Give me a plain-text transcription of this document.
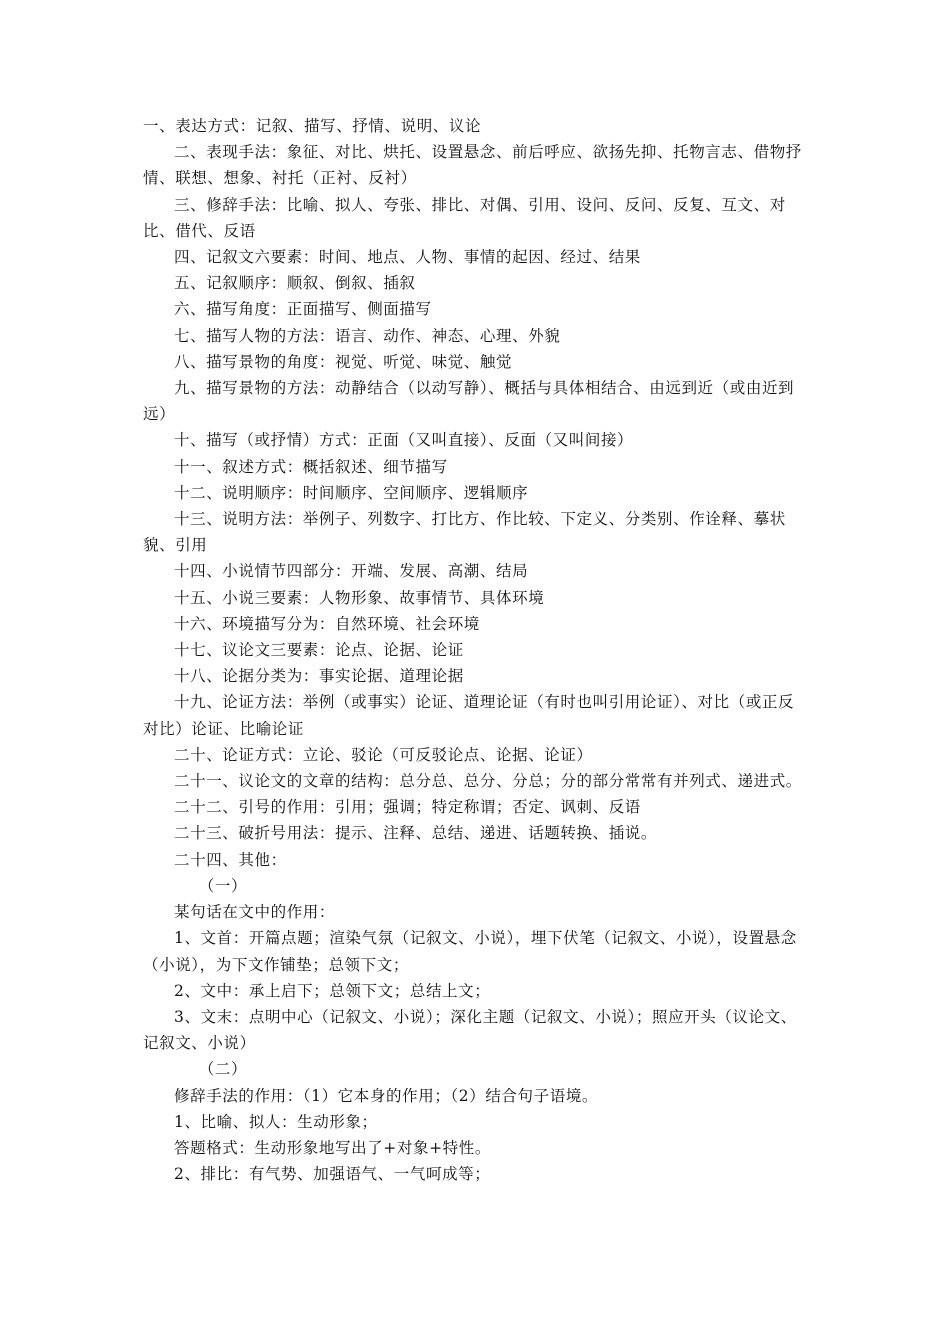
一、表达方式：记叙、描写、抒情、说明、议论

二、表现手法：象征、对比、烘托、设置悬念、前后呼应、欲扬先抑、托物言志、借物抒情、联想、想象、衬托（正衬、反衬）

三、修辞手法：比喻、拟人、夸张、排比、对偶、引用、设问、反问、反复、互文、对比、借代、反语

四、记叙文六要素：时间、地点、人物、事情的起因、经过、结果

五、记叙顺序：顺叙、倒叙、插叙

六、描写角度：正面描写、侧面描写

七、描写人物的方法：语言、动作、神态、心理、外貌

八、描写景物的角度：视觉、听觉、味觉、触觉

九、描写景物的方法：动静结合（以动写静）、概括与具体相结合、由远到近（或由近到远）

十、描写（或抒情）方式：正面（又叫直接）、反面（又叫间接）

十一、叙述方式：概括叙述、细节描写

十二、说明顺序：时间顺序、空间顺序、逻辑顺序

十三、说明方法：举例子、列数字、打比方、作比较、下定义、分类别、作诠释、摹状貌、引用

十四、小说情节四部分：开端、发展、高潮、结局

十五、小说三要素：人物形象、故事情节、具体环境

十六、环境描写分为：自然环境、社会环境

十七、议论文三要素：论点、论据、论证

十八、论据分类为：事实论据、道理论据

十九、论证方法：举例（或事实）论证、道理论证（有时也叫引用论证）、对比（或正反对比）论证、比喻论证

二十、论证方式：立论、驳论（可反驳论点、论据、论证）

二十一、议论文的文章的结构：总分总、总分、分总；分的部分常常有并列式、递进式。

二十二、引号的作用：引用；强调；特定称谓；否定、讽刺、反语

二十三、破折号用法：提示、注释、总结、递进、话题转换、插说。

二十四、其他：

（一）

某句话在文中的作用：

1、文首：开篇点题；渲染气氛（记叙文、小说），埋下伏笔（记叙文、小说），设置悬念（小说），为下文作铺垫；总领下文；

2、文中：承上启下；总领下文；总结上文；

3、文末：点明中心（记叙文、小说）；深化主题（记叙文、小说）；照应开头（议论文、记叙文、小说）

（二）

修辞手法的作用：（1）它本身的作用；（2）结合句子语境。

1、比喻、拟人：生动形象；

答题格式：生动形象地写出了+对象+特性。

2、排比：有气势、加强语气、一气呵成等；
